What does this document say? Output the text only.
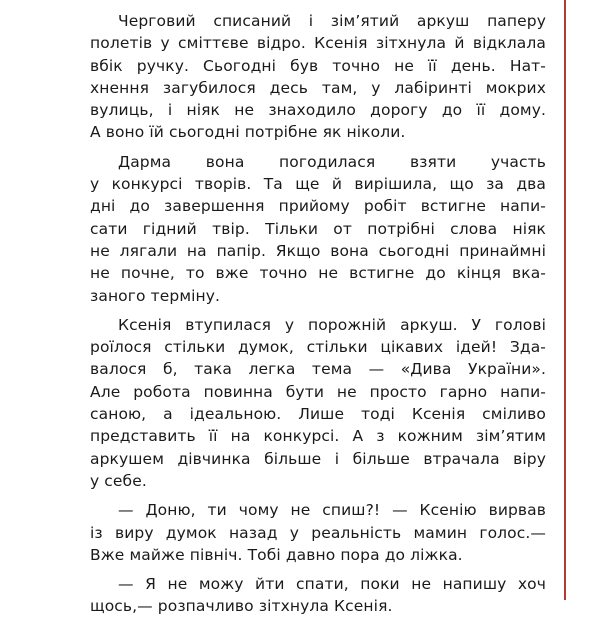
Черговий списаний і зім’ятий аркуш паперу
полетів у сміттєве відро. Ксенія зітхнула й відклала
вбік ручку. Сьогодні був точно не її день. Нат-
хнення загубилося десь там, у лабіринті мокрих
вулиць, і ніяк не знаходило дорогу до її дому.
А воно їй сьогодні потрібне як ніколи.

Дарма вона погодилася взяти участь
у конкурсі творів. Та ще й вирішила, що за два
дні до завершення прийому робіт встигне напи-
сати гідний твір. Тільки от потрібні слова ніяк
не лягали на папір. Якщо вона сьогодні принаймні
не почне, то вже точно не встигне до кінця вка-
заного терміну.

Ксенія втупилася у порожній аркуш. У голові
роїлося стільки думок, стільки цікавих ідей! Зда-
валося б, така легка тема — «Дива України».
Але робота повинна бути не просто гарно напи-
саною, а ідеальною. Лише тоді Ксенія сміливо
представить її на конкурсі. А з кожним зім’ятим
аркушем дівчинка більше і більше втрачала віру
у себе.

— Доню, ти чому не спиш?! — Ксенію вирвав
із виру думок назад у реальність мамин голос.—
Вже майже північ. Тобі давно пора до ліжка.

— Я не можу йти спати, поки не напишу хоч
щось,— розпачливо зітхнула Ксенія.
